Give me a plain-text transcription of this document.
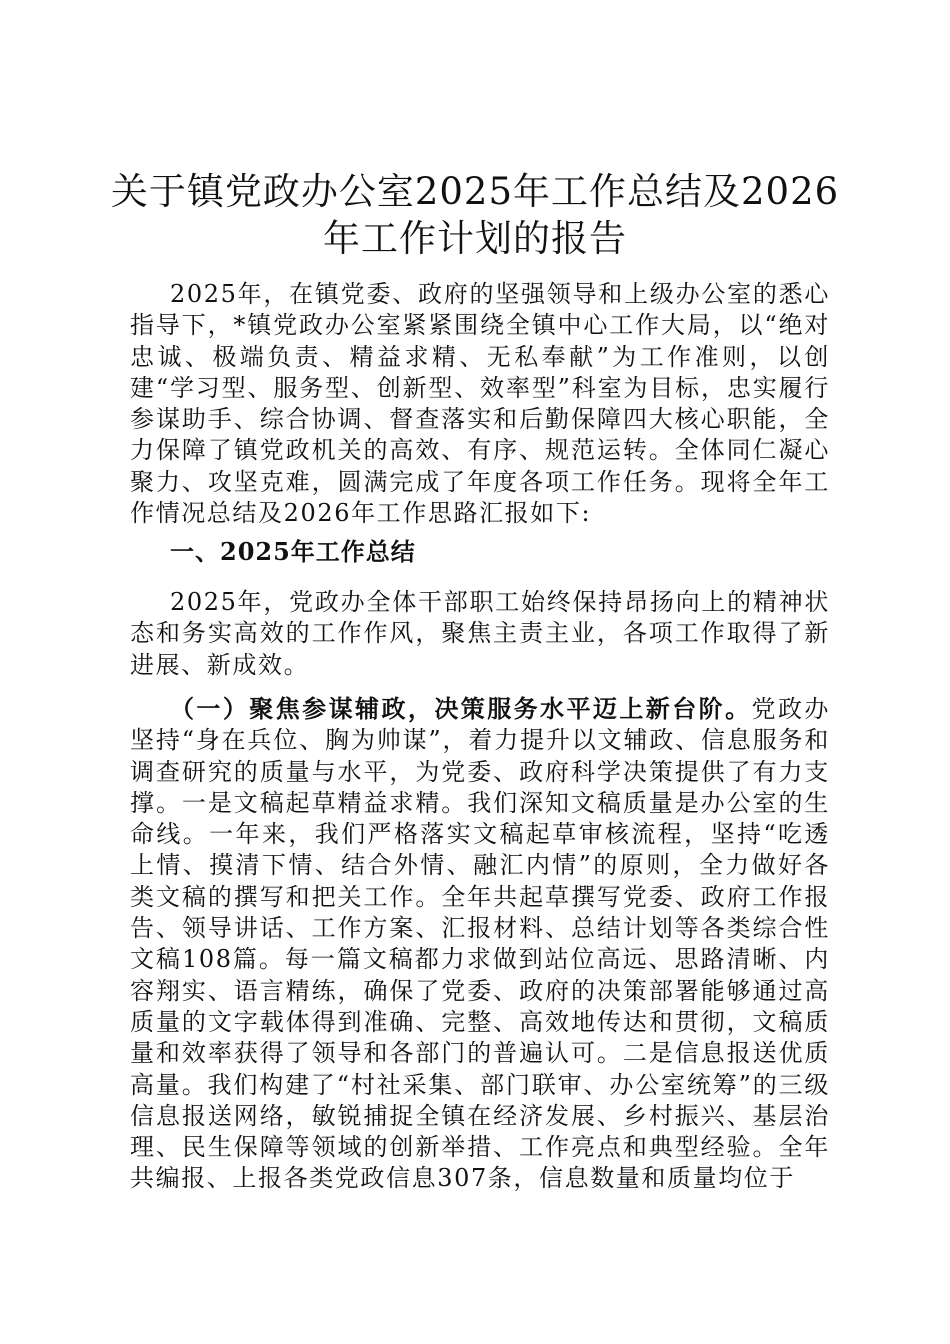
关于镇党政办公室2025年工作总结及2026年工作计划的报告

2025年，在镇党委、政府的坚强领导和上级办公室的悉心指导下，*镇党政办公室紧紧围绕全镇中心工作大局，以“绝对忠诚、极端负责、精益求精、无私奉献”为工作准则，以创建“学习型、服务型、创新型、效率型”科室为目标，忠实履行参谋助手、综合协调、督查落实和后勤保障四大核心职能，全力保障了镇党政机关的高效、有序、规范运转。全体同仁凝心聚力、攻坚克难，圆满完成了年度各项工作任务。现将全年工作情况总结及2026年工作思路汇报如下:

一、2025年工作总结

2025年，党政办全体干部职工始终保持昂扬向上的精神状态和务实高效的工作作风，聚焦主责主业，各项工作取得了新进展、新成效。

（一）聚焦参谋辅政，决策服务水平迈上新台阶。党政办坚持“身在兵位、胸为帅谋”，着力提升以文辅政、信息服务和调查研究的质量与水平，为党委、政府科学决策提供了有力支撑。一是文稿起草精益求精。我们深知文稿质量是办公室的生命线。一年来，我们严格落实文稿起草审核流程，坚持“吃透上情、摸清下情、结合外情、融汇内情”的原则，全力做好各类文稿的撰写和把关工作。全年共起草撰写党委、政府工作报告、领导讲话、工作方案、汇报材料、总结计划等各类综合性文稿108篇。每一篇文稿都力求做到站位高远、思路清晰、内容翔实、语言精练，确保了党委、政府的决策部署能够通过高质量的文字载体得到准确、完整、高效地传达和贯彻，文稿质量和效率获得了领导和各部门的普遍认可。二是信息报送优质高量。我们构建了“村社采集、部门联审、办公室统筹”的三级信息报送网络，敏锐捕捉全镇在经济发展、乡村振兴、基层治理、民生保障等领域的创新举措、工作亮点和典型经验。全年共编报、上报各类党政信息307条，信息数量和质量均位于
